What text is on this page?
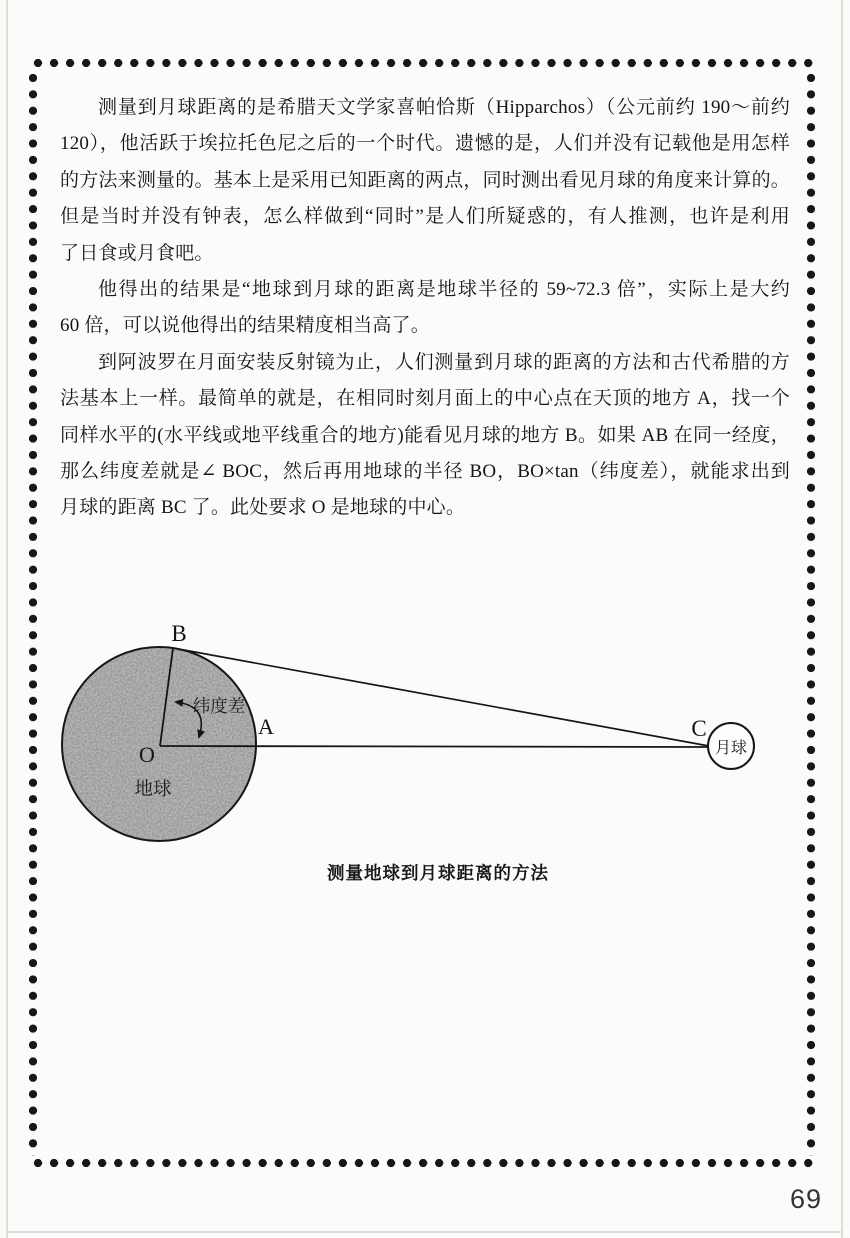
测量到月球距离的是希腊天文学家喜帕恰斯（Hipparchos）（公元前约 190～前约

120），他活跃于埃拉托色尼之后的一个时代。遗憾的是，人们并没有记载他是用怎样

的方法来测量的。基本上是采用已知距离的两点，同时测出看见月球的角度来计算的。

但是当时并没有钟表，怎么样做到“同时”是人们所疑惑的，有人推测，也许是利用

了日食或月食吧。

他得出的结果是“地球到月球的距离是地球半径的 59~72.3 倍”，实际上是大约

60 倍，可以说他得出的结果精度相当高了。

到阿波罗在月面安装反射镜为止，人们测量到月球的距离的方法和古代希腊的方

法基本上一样。最简单的就是，在相同时刻月面上的中心点在天顶的地方 A，找一个

同样水平的(水平线或地平线重合的地方)能看见月球的地方 B。如果 AB 在同一经度，

那么纬度差就是∠ BOC，然后再用地球的半径 BO，BO×tan（纬度差），就能求出到

月球的距离 BC 了。此处要求 O 是地球的中心。

B
O
A	C
纬度差
地球
月球
测量地球到月球距离的方法
69
